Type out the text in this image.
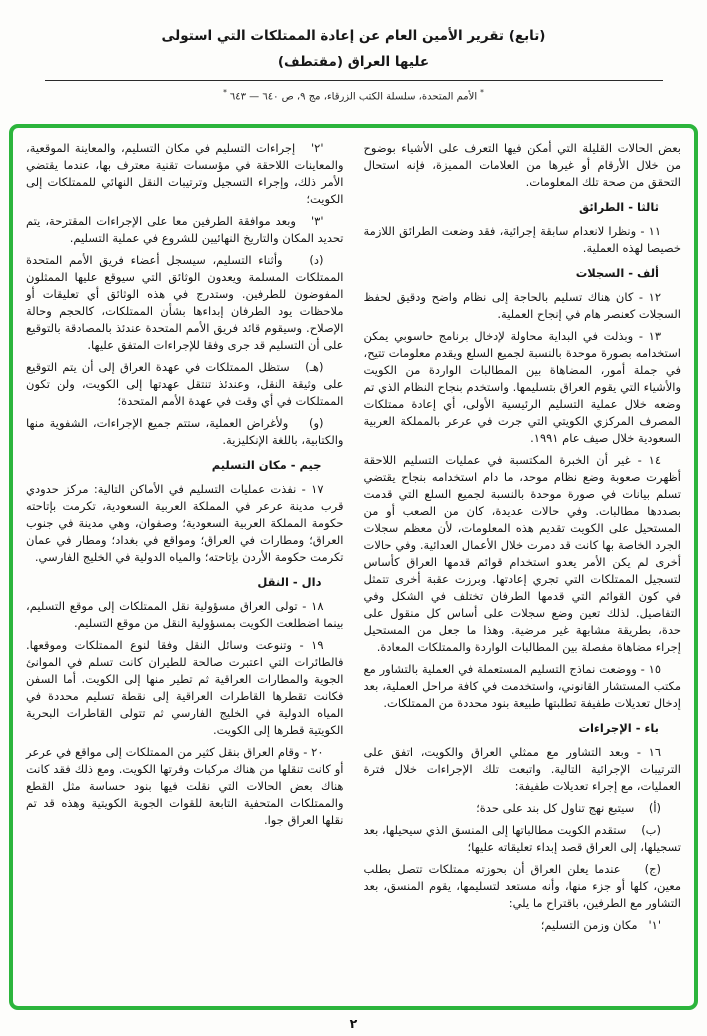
(تابع) تقرير الأمين العام عن إعادة الممتلكات التي استولى
عليها العراق (مقتطف)
*الأمم المتحدة، سلسلة الكتب الزرقاء، مج ٩، ص ٦٤٠ — ٦٤٣*
بعض الحالات القليلة التي أمكن فيها التعرف على الأشياء بوضوح من خلال الأرقام أو غيرها من العلامات المميزة، فإنه استحال التحقق من صحة تلك المعلومات.
ثالثا - الطرائق
١١ - ونظرا لانعدام سابقة إجرائية، فقد وضعت الطرائق اللازمة خصيصا لهذه العملية.
ألف - السجلات
١٢ - كان هناك تسليم بالحاجة إلى نظام واضح ودقيق لحفظ السجلات كعنصر هام في إنجاح العملية.
١٣ - وبذلت في البداية محاولة لإدخال برنامج حاسوبي يمكن استخدامه بصورة موحدة بالنسبة لجميع السلع ويقدم معلومات تتيح، في جملة أمور، المضاهاة بين المطالبات الواردة من الكويت والأشياء التي يقوم العراق بتسليمها. واستخدم بنجاح النظام الذي تم وضعه خلال عملية التسليم الرئيسية الأولى، أي إعادة ممتلكات المصرف المركزي الكويتي التي جرت في عرعر بالمملكة العربية السعودية خلال صيف عام ١٩٩١.
١٤ - غير أن الخبرة المكتسبة في عمليات التسليم اللاحقة أظهرت صعوبة وضع نظام موحد، ما دام استخدامه بنجاح يقتضي تسلم بيانات في صورة موحدة بالنسبة لجميع السلع التي قدمت بصددها مطالبات. وفي حالات عديدة، كان من الصعب أو من المستحيل على الكويت تقديم هذه المعلومات، لأن معظم سجلات الجرد الخاصة بها كانت قد دمرت خلال الأعمال العدائية. وفي حالات أخرى لم يكن الأمر يعدو استخدام قوائم قدمها العراق كأساس لتسجيل الممتلكات التي تجري إعادتها. وبرزت عقبة أخرى تتمثل في كون القوائم التي قدمها الطرفان تختلف في الشكل وفي التفاصيل. لذلك تعين وضع سجلات على أساس كل منقول على حدة، بطريقة مشابهة غير مرضية. وهذا ما جعل من المستحيل إجراء مضاهاة مفصلة بين المطالبات الواردة والممتلكات المعادة.
١٥ - ووضعت نماذج التسليم المستعملة في العملية بالتشاور مع مكتب المستشار القانوني، واستخدمت في كافة مراحل العملية، بعد إدخال تعديلات طفيفة تطلبتها طبيعة بنود محددة من الممتلكات.
باء - الإجراءات
١٦ - وبعد التشاور مع ممثلي العراق والكويت، اتفق على الترتيبات الإجرائية التالية. واتبعت تلك الإجراءات خلال فترة العمليات، مع إجراء تعديلات طفيفة:
(أ)    سيتبع نهج تناول كل بند على حدة؛
(ب)    ستقدم الكويت مطالباتها إلى المنسق الذي سيحيلها، بعد تسجيلها، إلى العراق قصد إبداء تعليقاته عليها؛
(ج)    عندما يعلن العراق أن بحوزته ممتلكات تتصل بطلب معين، كلها أو جزء منها، وأنه مستعد لتسليمها، يقوم المنسق، بعد التشاور مع الطرفين، باقتراح ما يلي:
'١'   مكان وزمن التسليم؛
'٢'   إجراءات التسليم في مكان التسليم، والمعاينة الموقعية، والمعاينات اللاحقة في مؤسسات تقنية معترف بها، عندما يقتضي الأمر ذلك، وإجراء التسجيل وترتيبات النقل النهائي للممتلكات إلى الكويت؛
'٣'   وبعد موافقة الطرفين معا على الإجراءات المقترحة، يتم تحديد المكان والتاريخ النهائيين للشروع في عملية التسليم.
(د)    وأثناء التسليم، سيسجل أعضاء فريق الأمم المتحدة الممتلكات المسلمة ويعدون الوثائق التي سيوقع عليها الممثلون المفوضون للطرفين. وستدرج في هذه الوثائق أي تعليقات أو ملاحظات يود الطرفان إبداءها بشأن الممتلكات، كالحجم وحالة الإصلاح. وسيقوم قائد فريق الأمم المتحدة عندئذ بالمصادقة بالتوقيع على أن التسليم قد جرى وفقا للإجراءات المتفق عليها.
(هـ)   ستظل الممتلكات في عهدة العراق إلى أن يتم التوقيع على وثيقة النقل، وعندئذ تنتقل عهدتها إلى الكويت، ولن تكون الممتلكات في أي وقت في عهدة الأمم المتحدة؛
(و)    ولأغراض العملية، ستتم جميع الإجراءات، الشفوية منها والكتابية، باللغة الإنكليزية.
جيم - مكان التسليم
١٧ - نفذت عمليات التسليم في الأماكن التالية: مركز حدودي قرب مدينة عرعر في المملكة العربية السعودية، تكرمت بإتاحته حكومة المملكة العربية السعودية؛ وصفوان، وهي مدينة في جنوب العراق؛ ومطارات في العراق؛ ومواقع في بغداد؛ ومطار في عمان تكرمت حكومة الأردن بإتاحته؛ والمياه الدولية في الخليج الفارسي.
دال - النقل
١٨ - تولى العراق مسؤولية نقل الممتلكات إلى موقع التسليم، بينما اضطلعت الكويت بمسؤولية النقل من موقع التسليم.
١٩ - وتنوعت وسائل النقل وفقا لنوع الممتلكات وموقعها. فالطائرات التي اعتبرت صالحة للطيران كانت تسلم في الموانئ الجوية والمطارات العراقية ثم تطير منها إلى الكويت. أما السفن فكانت تقطرها القاطرات العراقية إلى نقطة تسليم محددة في المياه الدولية في الخليج الفارسي ثم تتولى القاطرات البحرية الكويتية قطرها إلى الكويت.
٢٠ - وقام العراق بنقل كثير من الممتلكات إلى مواقع في عرعر أو كانت تنقلها من هناك مركبات وفرتها الكويت. ومع ذلك فقد كانت هناك بعض الحالات التي نقلت فيها بنود حساسة مثل القطع والممتلكات المتحفية التابعة للقوات الجوية الكويتية وهذه قد تم نقلها العراق جوا.
٢
